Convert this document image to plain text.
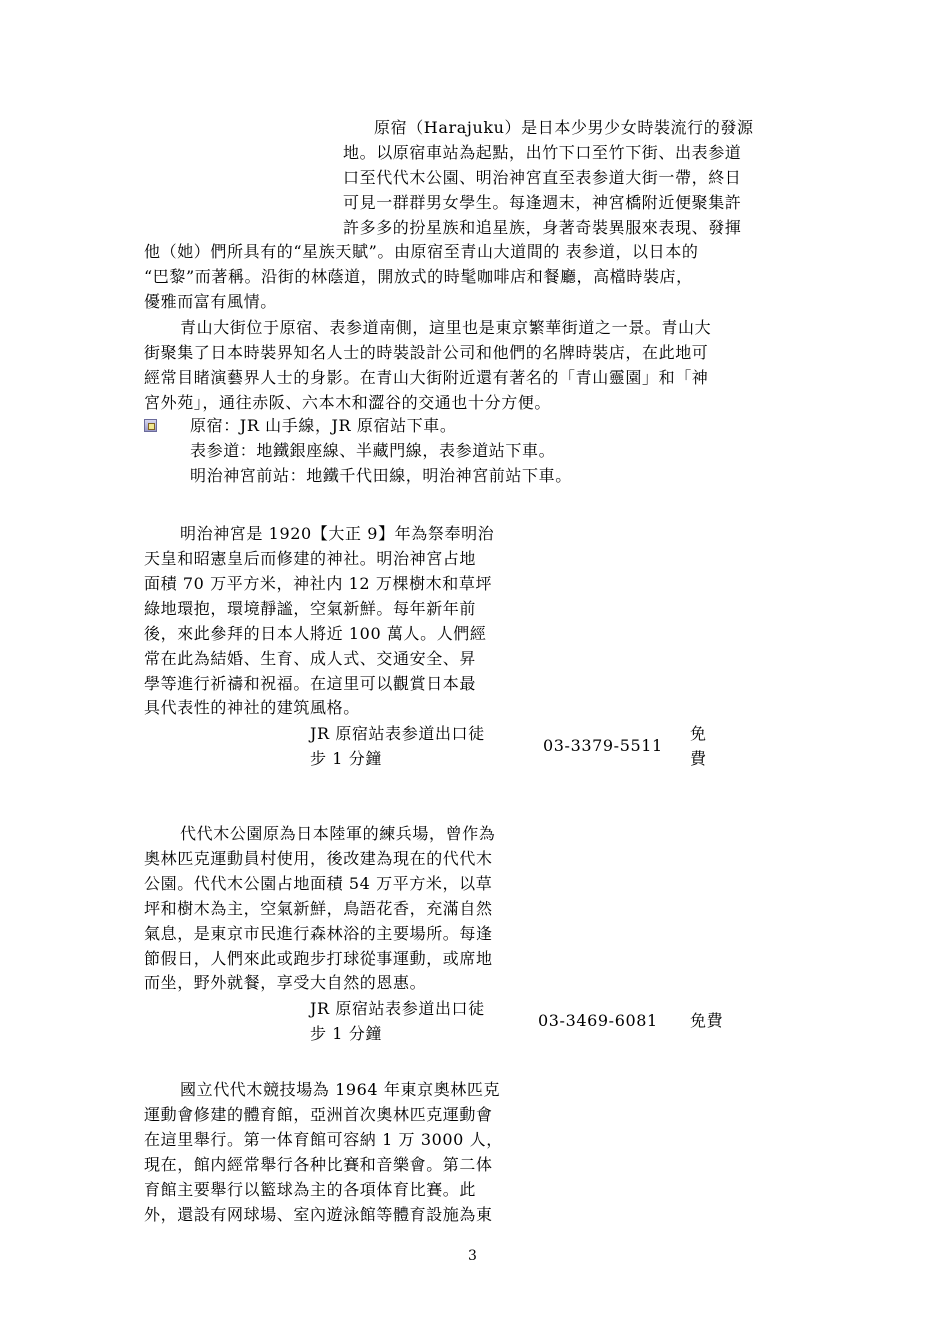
原宿（Harajuku）是日本少男少女時裝流行的發源
地。以原宿車站為起點，出竹下口至竹下街、出表参道
口至代代木公園、明治神宮直至表参道大街一帶，終日
可見一群群男女學生。每逢週末，神宮橋附近便聚集許
許多多的扮星族和追星族，身著奇裝異服來表現、發揮
他（她）們所具有的“星族天賦”。由原宿至青山大道間的 表参道，以日本的
“巴黎”而著稱。沿街的林蔭道，開放式的時髦咖啡店和餐廳，高檔時裝店，
優雅而富有風情。
青山大街位于原宿、表参道南側，這里也是東京繁華街道之一景。青山大
街聚集了日本時裝界知名人士的時裝設計公司和他們的名牌時裝店，在此地可
經常目睹演藝界人士的身影。在青山大街附近還有著名的「青山靈園」和「神
宮外苑」，通往赤阪、六本木和澀谷的交通也十分方便。
原宿：JR 山手線，JR 原宿站下車。
表参道：地鐵銀座線、半藏門線，表参道站下車。
明治神宮前站：地鐵千代田線，明治神宮前站下車。
明治神宮是 1920【大正 9】年為祭奉明治
天皇和昭憲皇后而修建的神社。明治神宮占地
面積 70 万平方米，神社内 12 万棵樹木和草坪
綠地環抱，環境靜謐，空氣新鮮。每年新年前
後，來此參拜的日本人將近 100 萬人。人們經
常在此為結婚、生育、成人式、交通安全、昇
學等進行祈禱和祝福。在這里可以觀賞日本最
具代表性的神社的建筑風格。
JR 原宿站表参道出口徒
步 1 分鐘
03-3379-5511
免
費
代代木公園原為日本陸軍的練兵場，曾作為
奧林匹克運動員村使用，後改建為現在的代代木
公園。代代木公園占地面積 54 万平方米，以草
坪和樹木為主，空氣新鮮，鳥語花香，充滿自然
氣息，是東京市民進行森林浴的主要場所。每逢
節假日，人們來此或跑步打球從事運動，或席地
而坐，野外就餐，享受大自然的恩惠。
JR 原宿站表参道出口徒
步 1 分鐘
03-3469-6081 免費
國立代代木競技場為 1964 年東京奧林匹克
運動會修建的體育館，亞洲首次奧林匹克運動會
在這里舉行。第一体育館可容納 1 万 3000 人，
現在，館内經常舉行各种比賽和音樂會。第二体
育館主要舉行以籃球為主的各項体育比賽。此
外，還設有网球場、室內遊泳館等體育設施為東
3
